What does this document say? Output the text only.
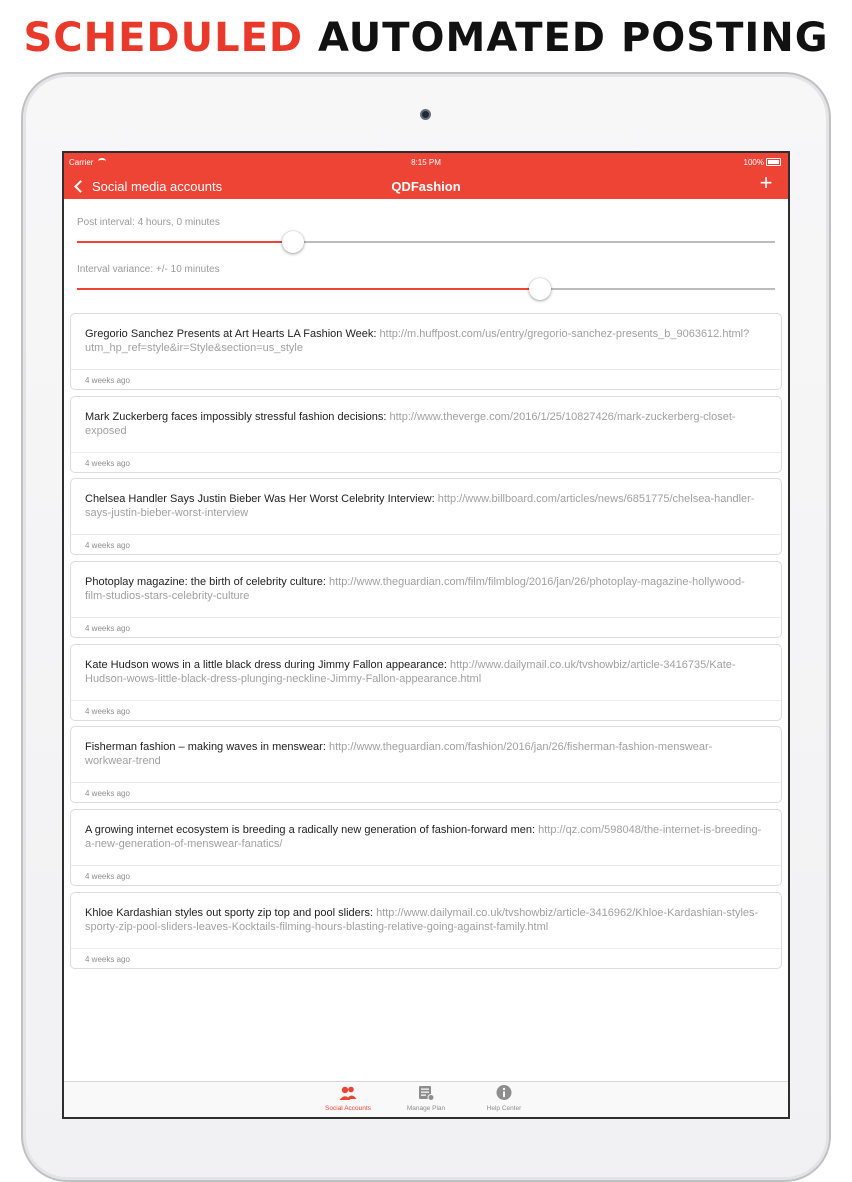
SCHEDULED AUTOMATED POSTING
Carrier	8:15 PM	100%
Social media accounts	QDFashion	+
Post interval: 4 hours, 0 minutes
Interval variance: +/- 10 minutes
Gregorio Sanchez Presents at Art Hearts LA Fashion Week: http://m.huffpost.com/us/entry/gregorio-sanchez-presents_b_9063612.html?utm_hp_ref=style&ir=Style&section=us_style
4 weeks ago
Mark Zuckerberg faces impossibly stressful fashion decisions: http://www.theverge.com/2016/1/25/10827426/mark-zuckerberg-closet-exposed
4 weeks ago
Chelsea Handler Says Justin Bieber Was Her Worst Celebrity Interview: http://www.billboard.com/articles/news/6851775/chelsea-handler-says-justin-bieber-worst-interview
4 weeks ago
Photoplay magazine: the birth of celebrity culture: http://www.theguardian.com/film/filmblog/2016/jan/26/photoplay-magazine-hollywood-film-studios-stars-celebrity-culture
4 weeks ago
Kate Hudson wows in a little black dress during Jimmy Fallon appearance: http://www.dailymail.co.uk/tvshowbiz/article-3416735/Kate-Hudson-wows-little-black-dress-plunging-neckline-Jimmy-Fallon-appearance.html
4 weeks ago
Fisherman fashion – making waves in menswear: http://www.theguardian.com/fashion/2016/jan/26/fisherman-fashion-menswear-workwear-trend
4 weeks ago
A growing internet ecosystem is breeding a radically new generation of fashion-forward men: http://qz.com/598048/the-internet-is-breeding-a-new-generation-of-menswear-fanatics/
4 weeks ago
Khloe Kardashian styles out sporty zip top and pool sliders: http://www.dailymail.co.uk/tvshowbiz/article-3416962/Khloe-Kardashian-styles-sporty-zip-pool-sliders-leaves-Kocktails-filming-hours-blasting-relative-going-against-family.html
4 weeks ago
Social Accounts	Manage Plan	Help Center
